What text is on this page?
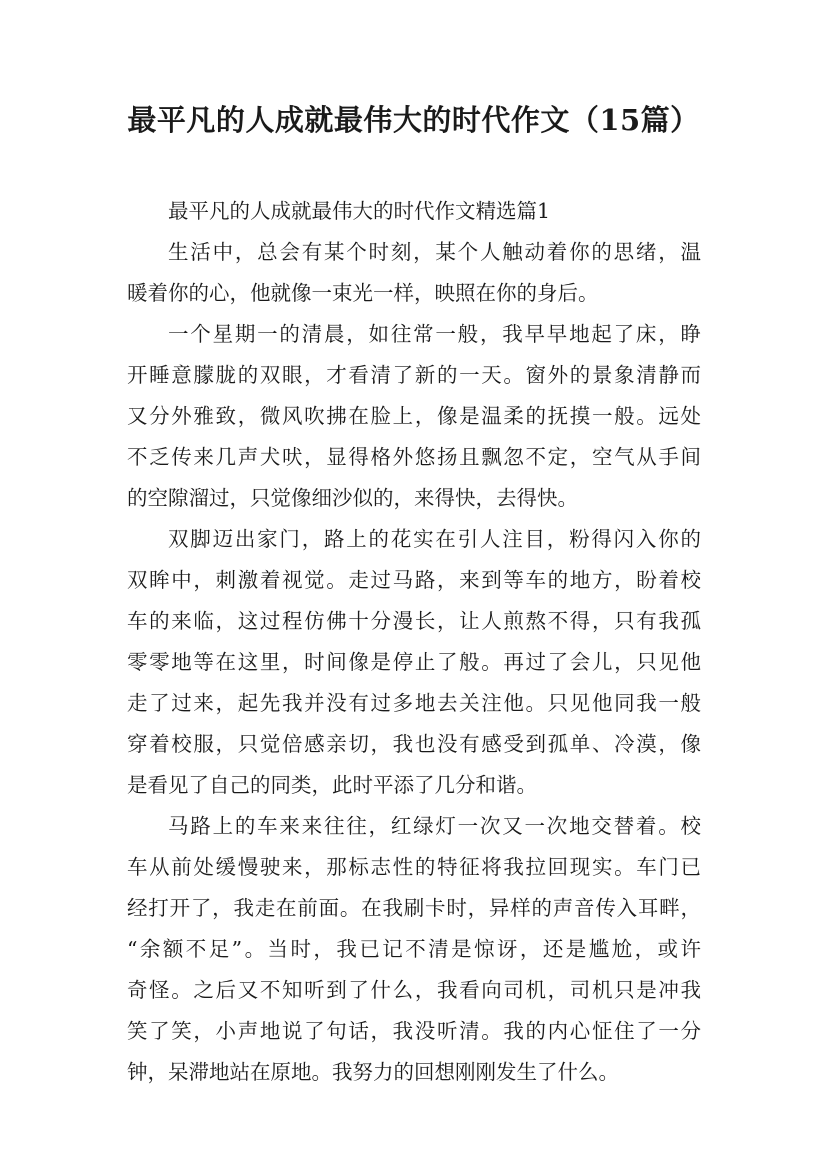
最平凡的人成就最伟大的时代作文（15篇）
最平凡的人成就最伟大的时代作文精选篇1
生活中，总会有某个时刻，某个人触动着你的思绪，温
暖着你的心，他就像一束光一样，映照在你的身后。
一个星期一的清晨，如往常一般，我早早地起了床，睁
开睡意朦胧的双眼，才看清了新的一天。窗外的景象清静而
又分外雅致，微风吹拂在脸上，像是温柔的抚摸一般。远处
不乏传来几声犬吠，显得格外悠扬且飘忽不定，空气从手间
的空隙溜过，只觉像细沙似的，来得快，去得快。
双脚迈出家门，路上的花实在引人注目，粉得闪入你的
双眸中，刺激着视觉。走过马路，来到等车的地方，盼着校
车的来临，这过程仿佛十分漫长，让人煎熬不得，只有我孤
零零地等在这里，时间像是停止了般。再过了会儿，只见他
走了过来，起先我并没有过多地去关注他。只见他同我一般
穿着校服，只觉倍感亲切，我也没有感受到孤单、冷漠，像
是看见了自己的同类，此时平添了几分和谐。
马路上的车来来往往，红绿灯一次又一次地交替着。校
车从前处缓慢驶来，那标志性的特征将我拉回现实。车门已
经打开了，我走在前面。在我刷卡时，异样的声音传入耳畔，
“余额不足”。当时，我已记不清是惊讶，还是尴尬，或许
奇怪。之后又不知听到了什么，我看向司机，司机只是冲我
笑了笑，小声地说了句话，我没听清。我的内心怔住了一分
钟，呆滞地站在原地。我努力的回想刚刚发生了什么。
